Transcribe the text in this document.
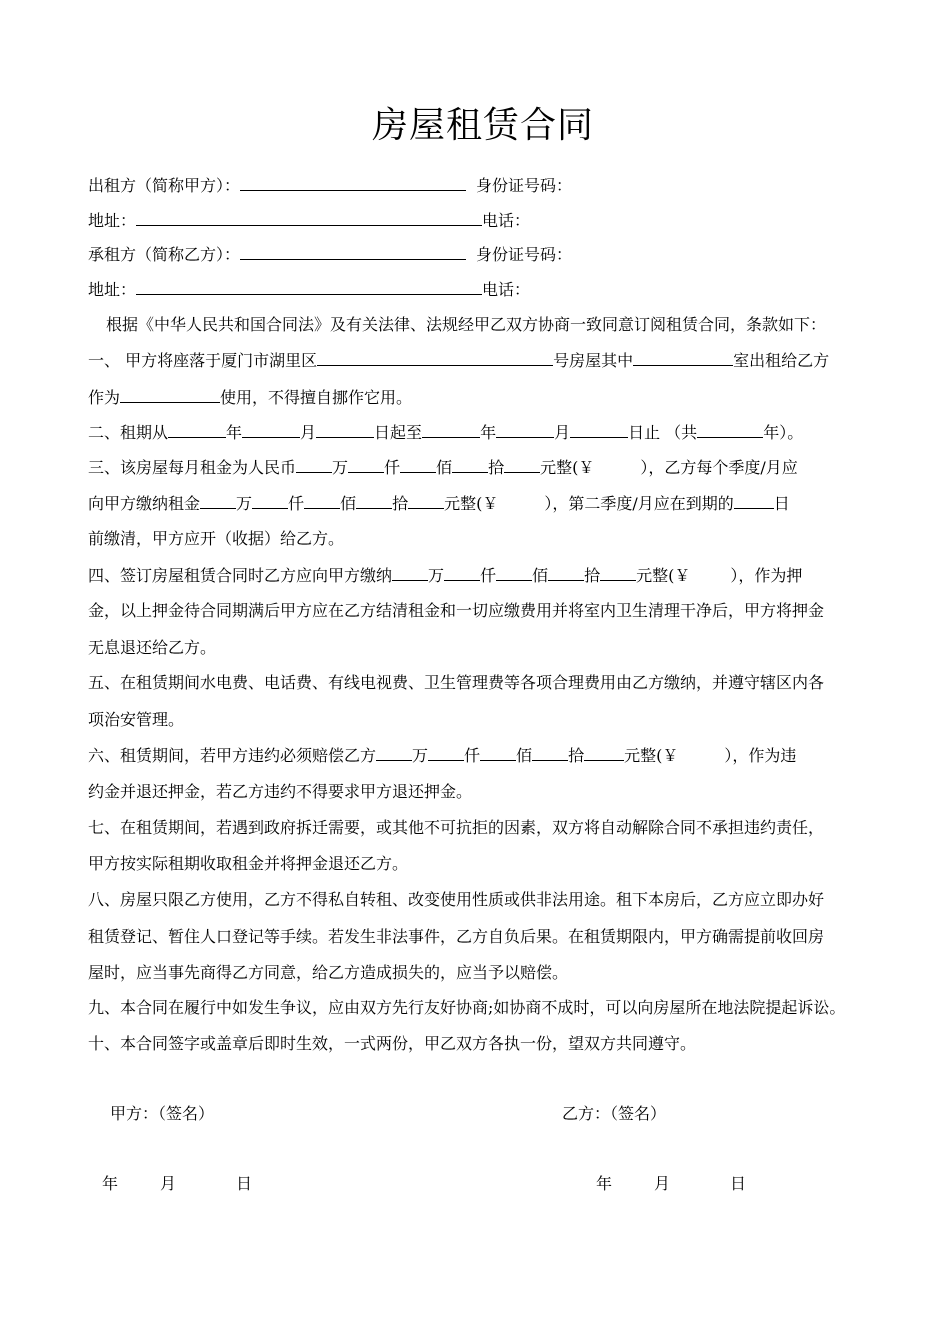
房屋租赁合同
出租方（简称甲方）：	身份证号码：
地址：	电话：
承租方（简称乙方）：	身份证号码：
地址：	电话：
根据《中华人民共和国合同法》及有关法律、法规经甲乙双方协商一致同意订阅租赁合同，条款如下：
一、 甲方将座落于厦门市湖里区	号房屋其中	室出租给乙方
作为	使用，不得擅自挪作它用。
二、租期从	年	月	日起至	年	月	日止 （共	年）。
三、该房屋每月租金为人民币 万 仟 佰 拾 元整(￥	），乙方每个季度/月应
向甲方缴纳租金 万 仟 佰 拾 元整(￥	），第二季度/月应在到期的	日
前缴清，甲方应开（收据）给乙方。
四、签订房屋租赁合同时乙方应向甲方缴纳 万 仟 佰 拾 元整(￥	），作为押
金，以上押金待合同期满后甲方应在乙方结清租金和一切应缴费用并将室内卫生清理干净后，甲方将押金
无息退还给乙方。
五、在租赁期间水电费、电话费、有线电视费、卫生管理费等各项合理费用由乙方缴纳，并遵守辖区内各
项治安管理。
六、租赁期间，若甲方违约必须赔偿乙方 万 仟 佰 拾	元整(￥	），作为违
约金并退还押金，若乙方违约不得要求甲方退还押金。
七、在租赁期间，若遇到政府拆迁需要，或其他不可抗拒的因素，双方将自动解除合同不承担违约责任，
甲方按实际租期收取租金并将押金退还乙方。
八、房屋只限乙方使用，乙方不得私自转租、改变使用性质或供非法用途。租下本房后，乙方应立即办好
租赁登记、暂住人口登记等手续。若发生非法事件，乙方自负后果。在租赁期限内，甲方确需提前收回房
屋时，应当事先商得乙方同意，给乙方造成损失的，应当予以赔偿。
九、本合同在履行中如发生争议，应由双方先行友好协商;如协商不成时，可以向房屋所在地法院提起诉讼。
十、本合同签字或盖章后即时生效，一式两份，甲乙双方各执一份，望双方共同遵守。
甲方：（签名）	乙方：（签名）
年	月	日	年	月	日
